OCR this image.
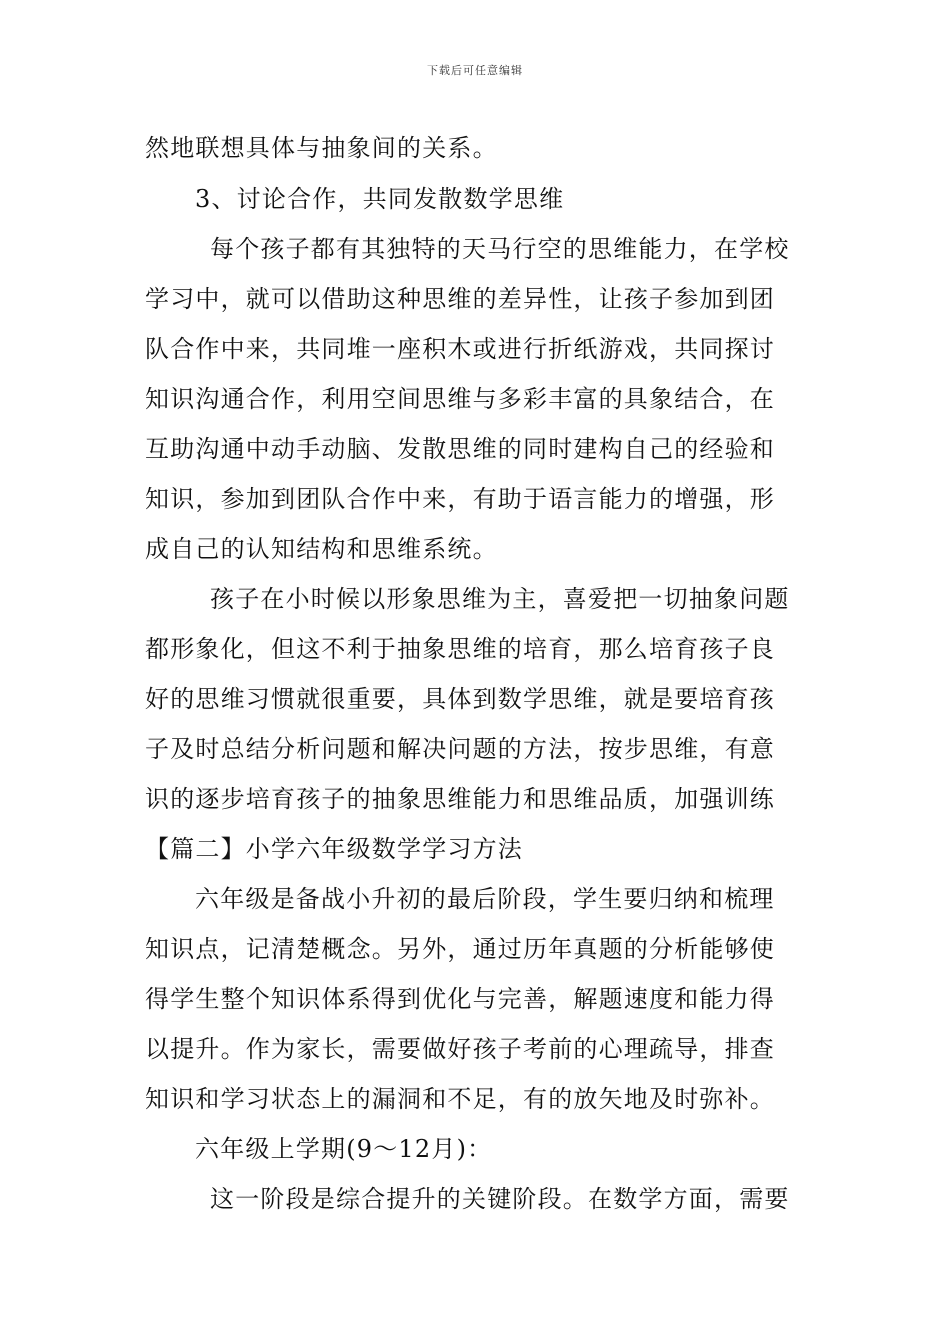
下载后可任意编辑
然地联想具体与抽象间的关系。
3、讨论合作，共同发散数学思维
每个孩子都有其独特的天马行空的思维能力，在学校
学习中，就可以借助这种思维的差异性，让孩子参加到团
队合作中来，共同堆一座积木或进行折纸游戏，共同探讨
知识沟通合作，利用空间思维与多彩丰富的具象结合，在
互助沟通中动手动脑、发散思维的同时建构自己的经验和
知识，参加到团队合作中来，有助于语言能力的增强，形
成自己的认知结构和思维系统。
孩子在小时候以形象思维为主，喜爱把一切抽象问题
都形象化，但这不利于抽象思维的培育，那么培育孩子良
好的思维习惯就很重要，具体到数学思维，就是要培育孩
子及时总结分析问题和解决问题的方法，按步思维，有意
识的逐步培育孩子的抽象思维能力和思维品质，加强训练
【篇二】小学六年级数学学习方法
六年级是备战小升初的最后阶段，学生要归纳和梳理
知识点，记清楚概念。另外，通过历年真题的分析能够使
得学生整个知识体系得到优化与完善，解题速度和能力得
以提升。作为家长，需要做好孩子考前的心理疏导，排查
知识和学习状态上的漏洞和不足，有的放矢地及时弥补。
六年级上学期(9～12月)：
这一阶段是综合提升的关键阶段。在数学方面，需要
